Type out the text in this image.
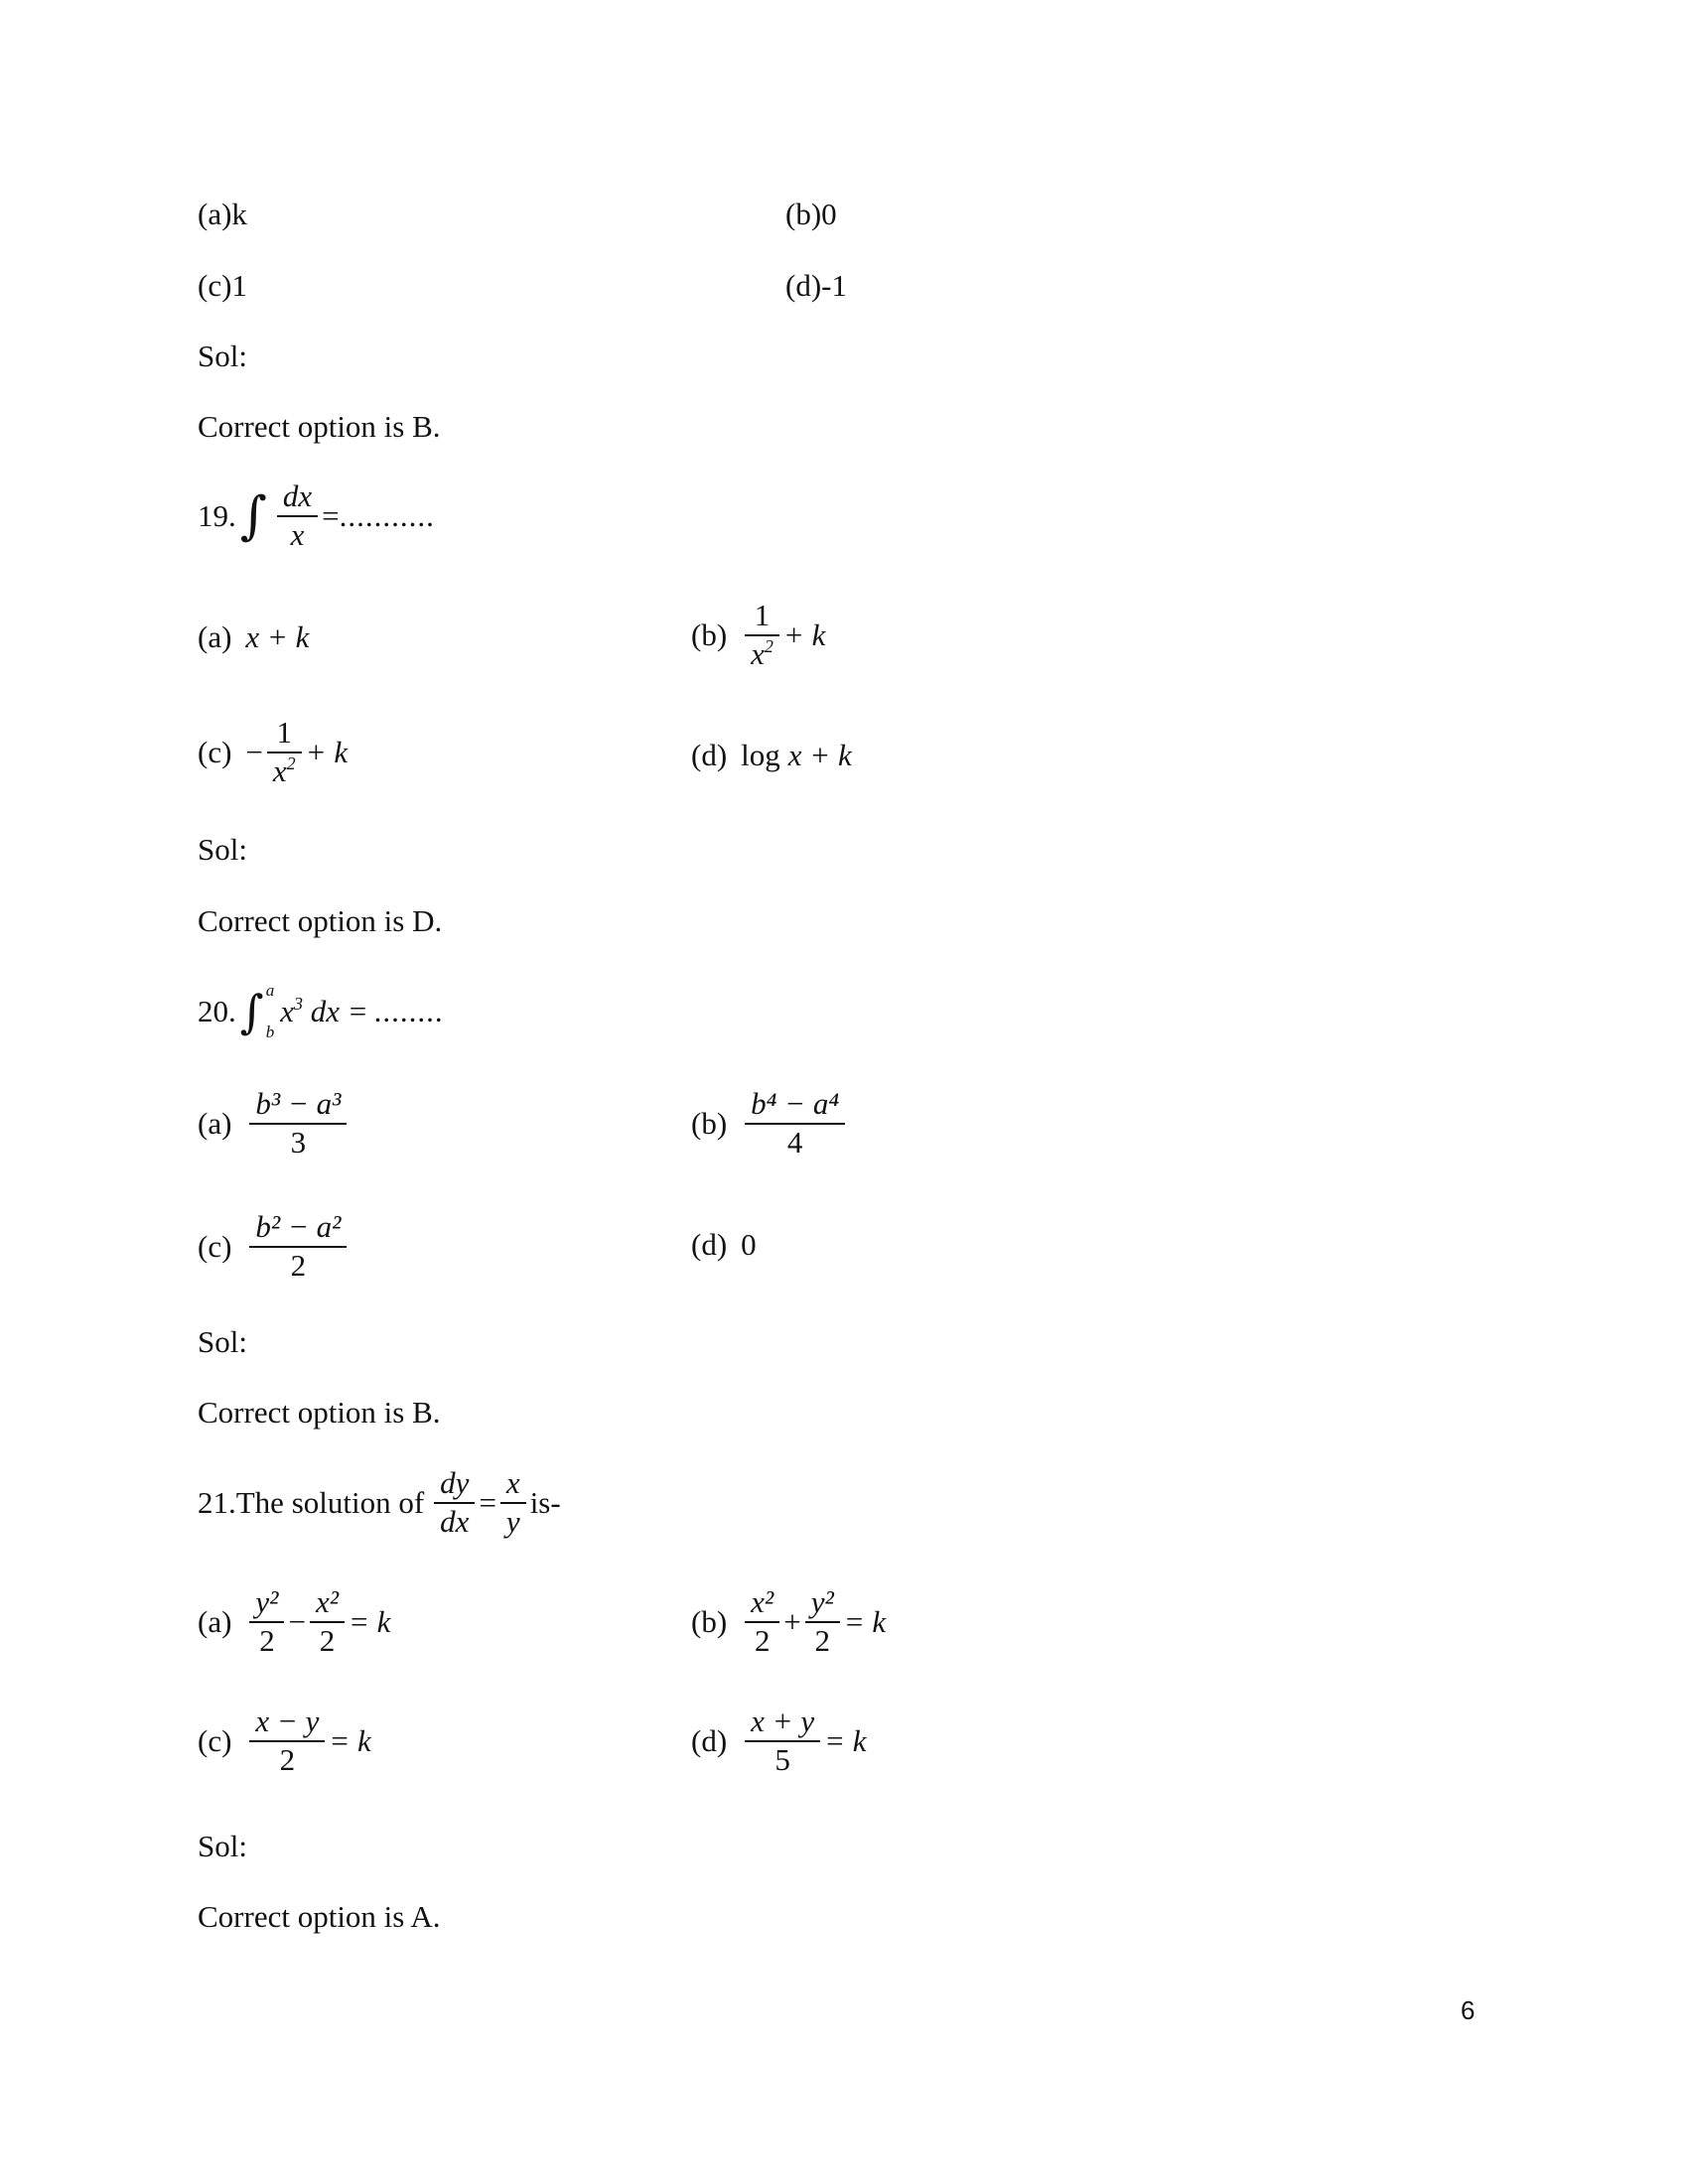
(a)k	(b)0
(c)1	(d)-1
Sol:
Correct option is B.
19. ∫ $\frac{dx}{x}$ = ...........
(a) x + k	$(b) \frac{1}{x^2} + k$
$(c) - \frac{1}{x^2} + k$	(d) log x + k
Sol:
Correct option is D.
20. ∫ a
b
$x^3$ dx = ........
$(a) \frac{\text{b³ − a³}}{3}$	$(b) \frac{\text{b⁴ − a⁴}}{4}$
$(c) \frac{\text{b² − a²}}{2}$	(d) 0
Sol:
Correct option is B.
21.The solution of $\frac{dy}{dx} = \frac{x}{y} is-$
$(a) \frac{\text{y²}}{2} - \frac{\text{x²}}{2} = k$	$(b) \frac{\text{x²}}{2} + \frac{\text{y²}}{2} = k$
$(c) \frac{x - y}{2} = k$	$(d) \frac{x + y}{5} = k$
Sol:
Correct option is A.
6
